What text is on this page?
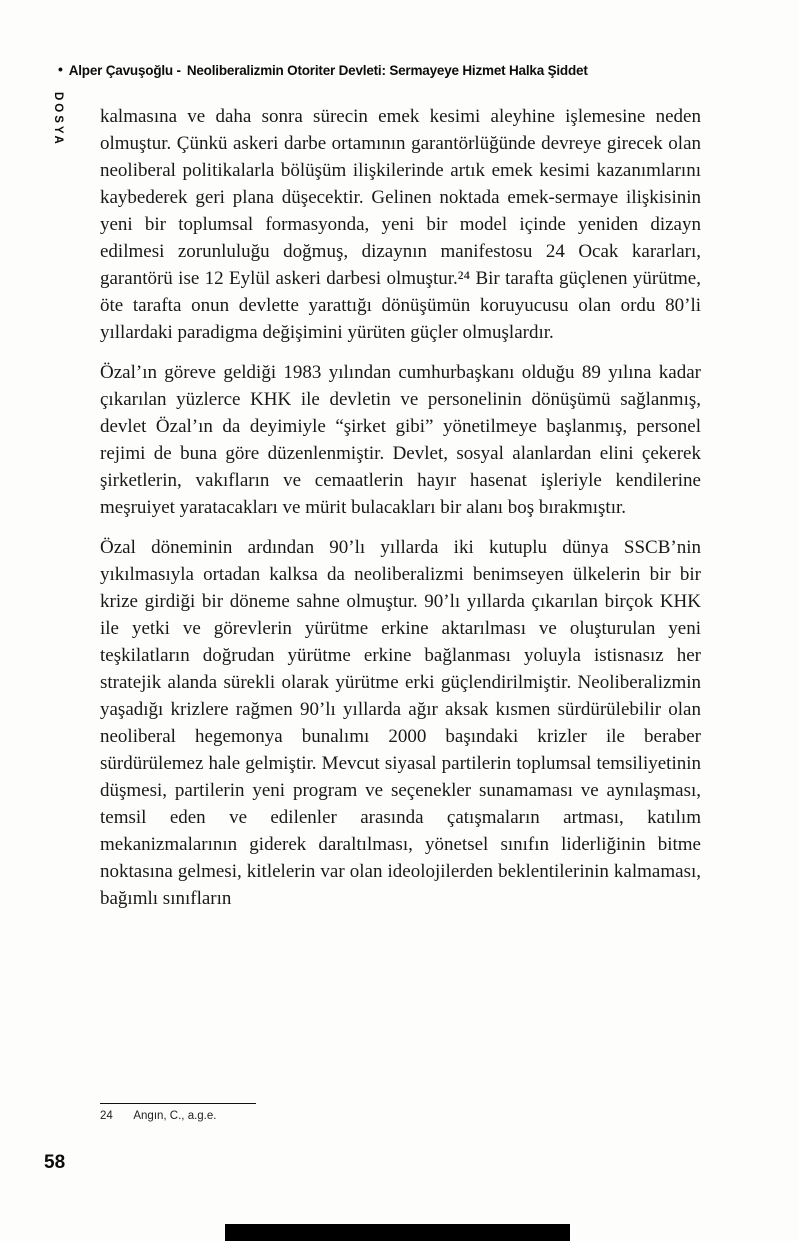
• Alper Çavuşoğlu - Neoliberalizmin Otoriter Devleti: Sermayeye Hizmet Halka Şiddet
DOSYA kalmasına ve daha sonra sürecin emek kesimi aleyhine işlemesine neden olmuştur. Çünkü askeri darbe ortamının garantörlüğünde devreye girecek olan neoliberal politikalarla bölüşüm ilişkilerinde artık emek kesimi kazanımlarını kaybederek geri plana düşecektir. Gelinen noktada emek-sermaye ilişkisinin yeni bir toplumsal formasyonda, yeni bir model içinde yeniden dizayn edilmesi zorunluluğu doğmuş, dizaynın manifestosu 24 Ocak kararları, garantörü ise 12 Eylül askeri darbesi olmuştur.²⁴ Bir tarafta güçlenen yürütme, öte tarafta onun devlette yarattığı dönüşümün koruyucusu olan ordu 80’li yıllardaki paradigma değişimini yürüten güçler olmuşlardır.

Özal’ın göreve geldiği 1983 yılından cumhurbaşkanı olduğu 89 yılına kadar çıkarılan yüzlerce KHK ile devletin ve personelinin dönüşümü sağlanmış, devlet Özal’ın da deyimiyle “şirket gibi” yönetilmeye başlanmış, personel rejimi de buna göre düzenlenmiştir. Devlet, sosyal alanlardan elini çekerek şirketlerin, vakıfların ve cemaatlerin hayır hasenat işleriyle kendilerine meşruiyet yaratacakları ve mürit bulacakları bir alanı boş bırakmıştır.

Özal döneminin ardından 90’lı yıllarda iki kutuplu dünya SSCB’nin yıkılmasıyla ortadan kalksa da neoliberalizmi benimseyen ülkelerin bir bir krize girdiği bir döneme sahne olmuştur. 90’lı yıllarda çıkarılan birçok KHK ile yetki ve görevlerin yürütme erkine aktarılması ve oluşturulan yeni teşkilatların doğrudan yürütme erkine bağlanması yoluyla istisnasız her stratejik alanda sürekli olarak yürütme erki güçlendirilmiştir. Neoliberalizmin yaşadığı krizlere rağmen 90’lı yıllarda ağır aksak kısmen sürdürülebilir olan neoliberal hegemonya bunalımı 2000 başındaki krizler ile beraber sürdürülemez hale gelmiştir. Mevcut siyasal partilerin toplumsal temsiliyetinin düşmesi, partilerin yeni program ve seçenekler sunamaması ve aynılaşması, temsil eden ve edilenler arasında çatışmaların artması, katılım mekanizmalarının giderek daraltılması, yönetsel sınıfın liderliğinin bitme noktasına gelmesi, kitlelerin var olan ideolojilerden beklentilerinin kalmaması, bağımlı sınıfların

24 Angın, C., a.g.e.
58
